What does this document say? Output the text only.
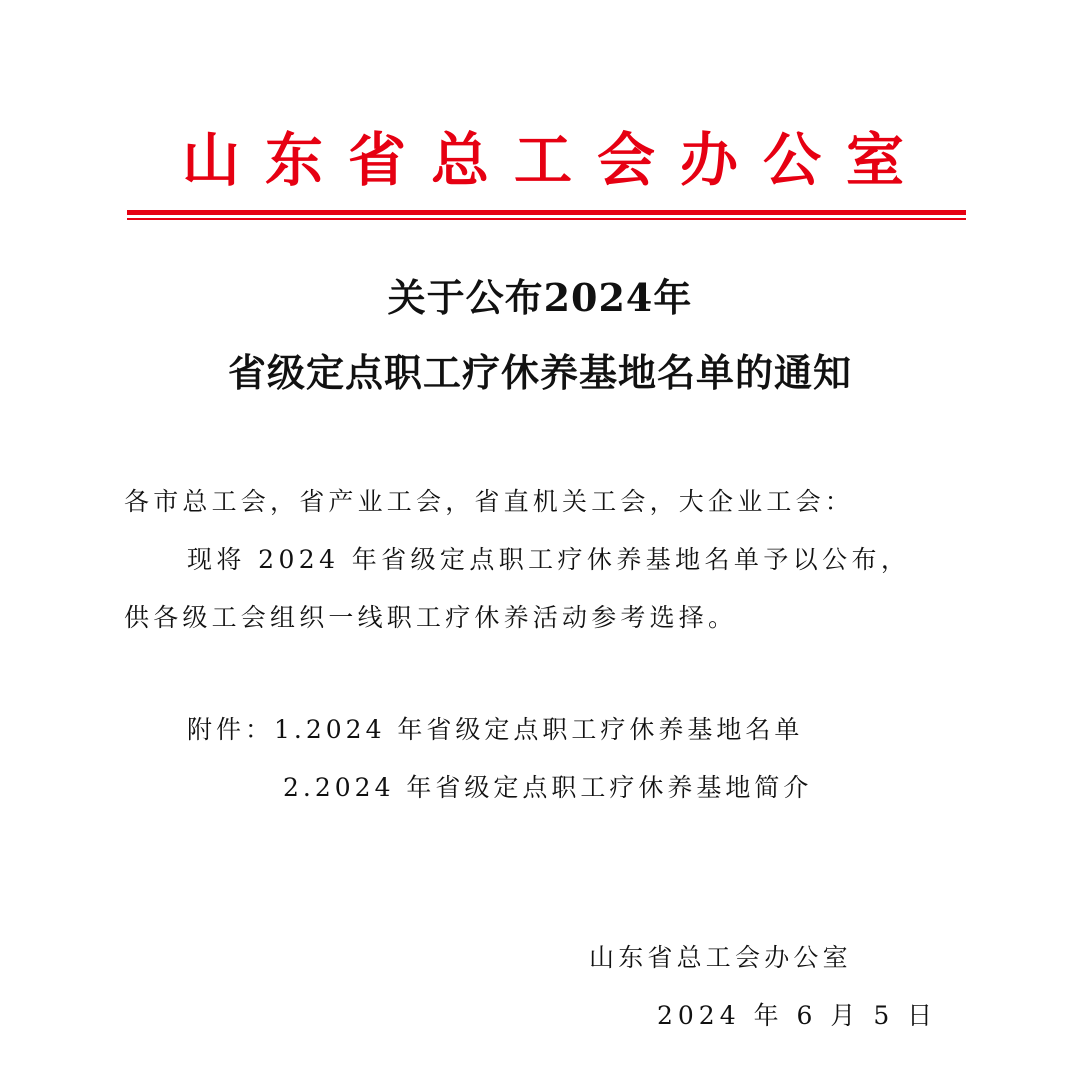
山东省总工会办公室
关于公布2024年
省级定点职工疗休养基地名单的通知
各市总工会，省产业工会，省直机关工会，大企业工会：
现将 2024 年省级定点职工疗休养基地名单予以公布，
供各级工会组织一线职工疗休养活动参考选择。
附件：1.2024 年省级定点职工疗休养基地名单
2.2024 年省级定点职工疗休养基地简介
山东省总工会办公室
2024 年 6 月 5 日
